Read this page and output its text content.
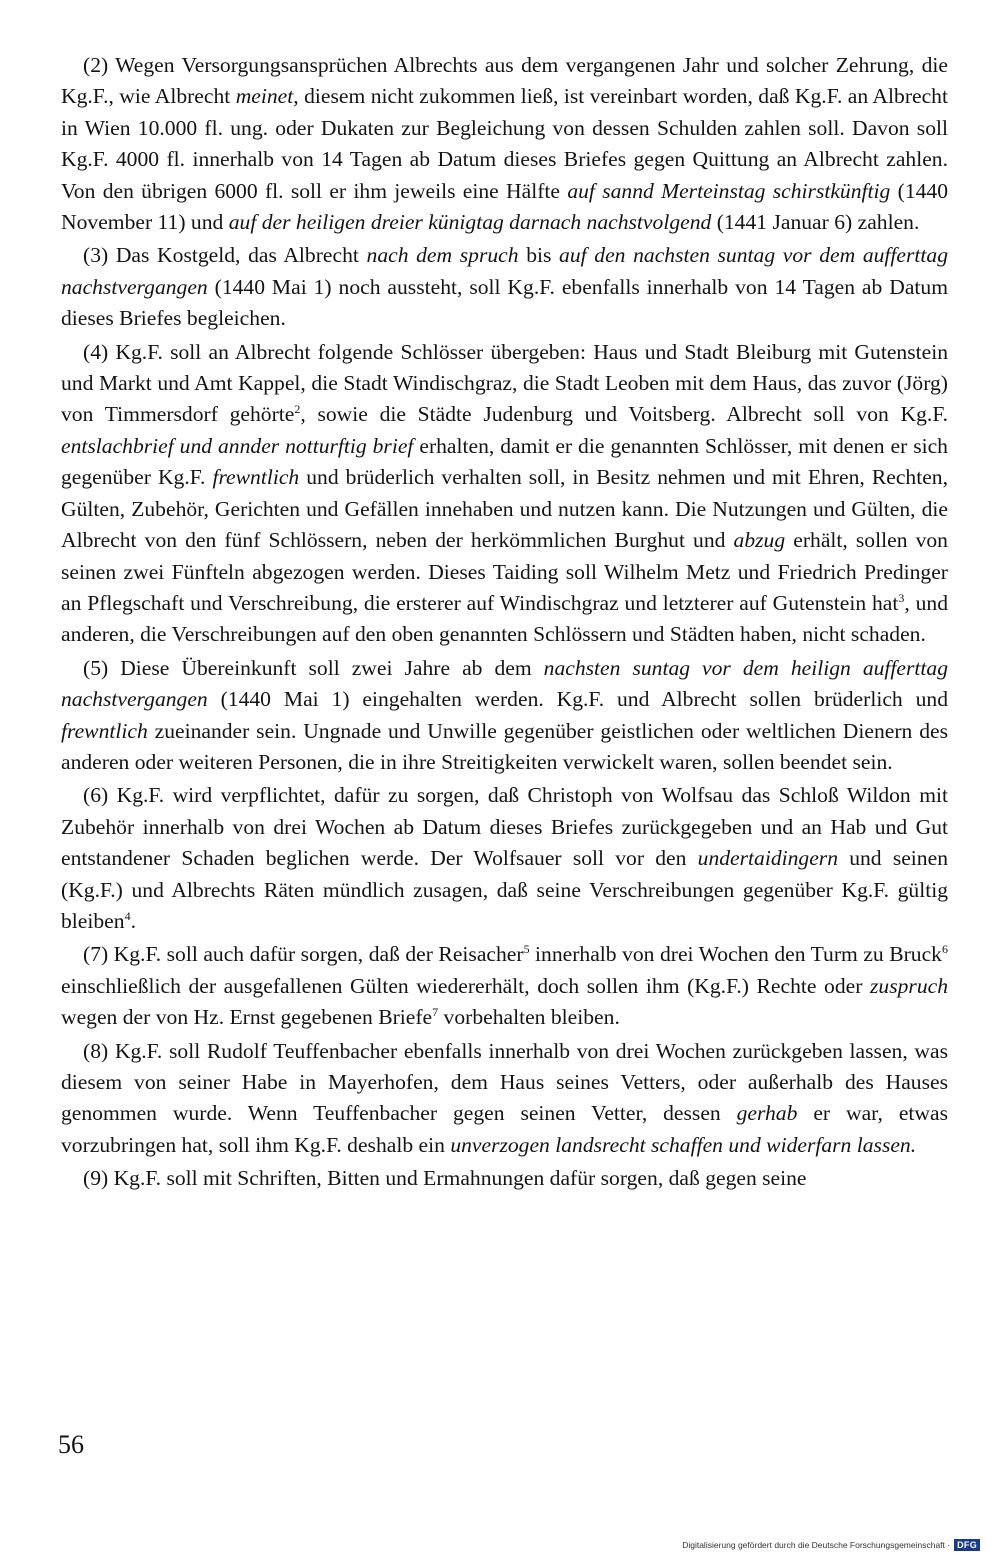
(2) Wegen Versorgungsansprüchen Albrechts aus dem vergangenen Jahr und solcher Zehrung, die Kg.F., wie Albrecht meinet, diesem nicht zukommen ließ, ist vereinbart worden, daß Kg.F. an Albrecht in Wien 10.000 fl. ung. oder Dukaten zur Begleichung von dessen Schulden zahlen soll. Davon soll Kg.F. 4000 fl. innerhalb von 14 Tagen ab Datum dieses Briefes gegen Quittung an Albrecht zahlen. Von den übrigen 6000 fl. soll er ihm jeweils eine Hälfte auf sannd Merteinstag schirstkünftig (1440 November 11) und auf der heiligen dreier künigtag darnach nachstvolgend (1441 Januar 6) zahlen.

(3) Das Kostgeld, das Albrecht nach dem spruch bis auf den nachsten suntag vor dem aufferttag nachstvergangen (1440 Mai 1) noch aussteht, soll Kg.F. ebenfalls innerhalb von 14 Tagen ab Datum dieses Briefes begleichen.

(4) Kg.F. soll an Albrecht folgende Schlösser übergeben: Haus und Stadt Bleiburg mit Gutenstein und Markt und Amt Kappel, die Stadt Windischgraz, die Stadt Leoben mit dem Haus, das zuvor (Jörg) von Timmersdorf gehörte$^2$, sowie die Städte Judenburg und Voitsberg. Albrecht soll von Kg.F. entslachbrief und annder notturftig brief erhalten, damit er die genannten Schlösser, mit denen er sich gegenüber Kg.F. frewntlich und brüderlich verhalten soll, in Besitz nehmen und mit Ehren, Rechten, Gülten, Zubehör, Gerichten und Gefällen innehaben und nutzen kann. Die Nutzungen und Gülten, die Albrecht von den fünf Schlössern, neben der herkömmlichen Burghut und abzug erhält, sollen von seinen zwei Fünfteln abgezogen werden. Dieses Taiding soll Wilhelm Metz und Friedrich Predinger an Pflegschaft und Verschreibung, die ersterer auf Windischgraz und letzterer auf Gutenstein hat$^3$, und anderen, die Verschreibungen auf den oben genannten Schlössern und Städten haben, nicht schaden.

(5) Diese Übereinkunft soll zwei Jahre ab dem nachsten suntag vor dem heilign aufferttag nachstvergangen (1440 Mai 1) eingehalten werden. Kg.F. und Albrecht sollen brüderlich und frewntlich zueinander sein. Ungnade und Unwille gegenüber geistlichen oder weltlichen Dienern des anderen oder weiteren Personen, die in ihre Streitigkeiten verwickelt waren, sollen beendet sein.

(6) Kg.F. wird verpflichtet, dafür zu sorgen, daß Christoph von Wolfsau das Schloß Wildon mit Zubehör innerhalb von drei Wochen ab Datum dieses Briefes zurückgegeben und an Hab und Gut entstandener Schaden beglichen werde. Der Wolfsauer soll vor den undertaidingern und seinen (Kg.F.) und Albrechts Räten mündlich zusagen, daß seine Verschreibungen gegenüber Kg.F. gültig bleiben$^4$.

(7) Kg.F. soll auch dafür sorgen, daß der Reisacher$^5$ innerhalb von drei Wochen den Turm zu Bruck$^6$ einschließlich der ausgefallenen Gülten wiedererhält, doch sollen ihm (Kg.F.) Rechte oder zuspruch wegen der von Hz. Ernst gegebenen Briefe$^7$ vorbehalten bleiben.

(8) Kg.F. soll Rudolf Teuffenbacher ebenfalls innerhalb von drei Wochen zurückgeben lassen, was diesem von seiner Habe in Mayerhofen, dem Haus seines Vetters, oder außerhalb des Hauses genommen wurde. Wenn Teuffenbacher gegen seinen Vetter, dessen gerhab er war, etwas vorzubringen hat, soll ihm Kg.F. deshalb ein unverzogen landsrecht schaffen und widerfarn lassen.

(9) Kg.F. soll mit Schriften, Bitten und Ermahnungen dafür sorgen, daß gegen seine

56
Digitalisierung gefördert durch die Deutsche Forschungsgemeinschaft · DFG
